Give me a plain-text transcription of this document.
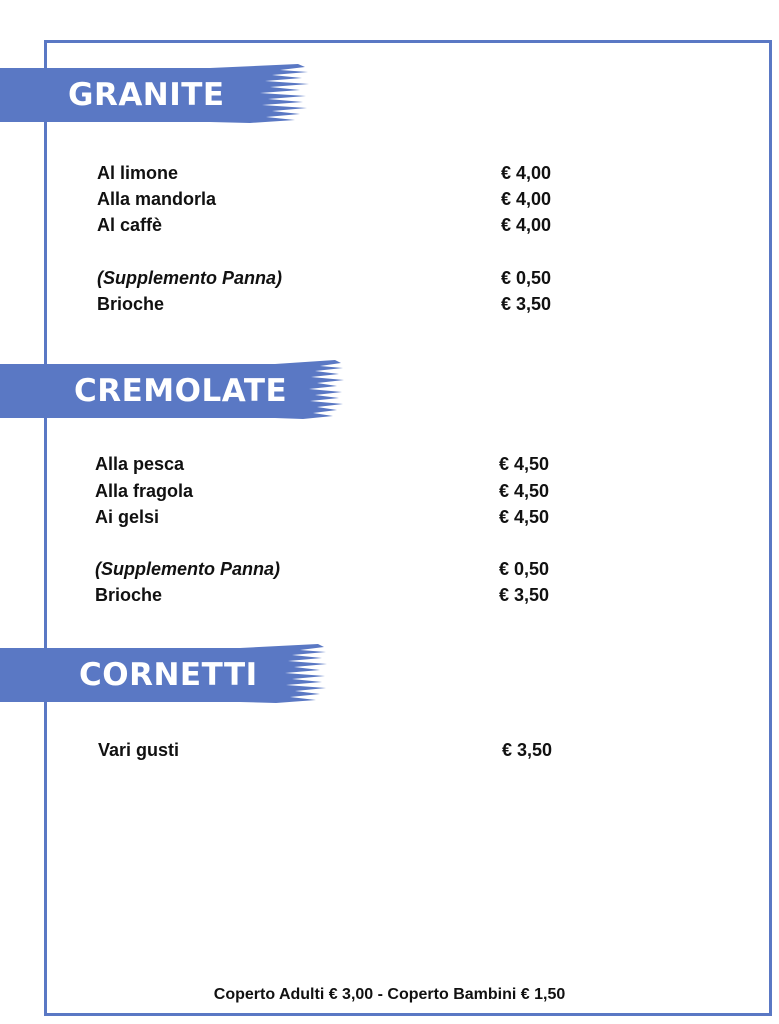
GRANITE
Al limone	€ 4,00
Alla mandorla	€ 4,00
Al caffè	€ 4,00
(Supplemento Panna)	€ 0,50
Brioche	€ 3,50
CREMOLATE
Alla pesca	€ 4,50
Alla fragola	€ 4,50
Ai gelsi	€ 4,50
(Supplemento Panna)	€ 0,50
Brioche	€ 3,50
CORNETTI
Vari gusti	€ 3,50
Coperto Adulti € 3,00 - Coperto Bambini € 1,50
